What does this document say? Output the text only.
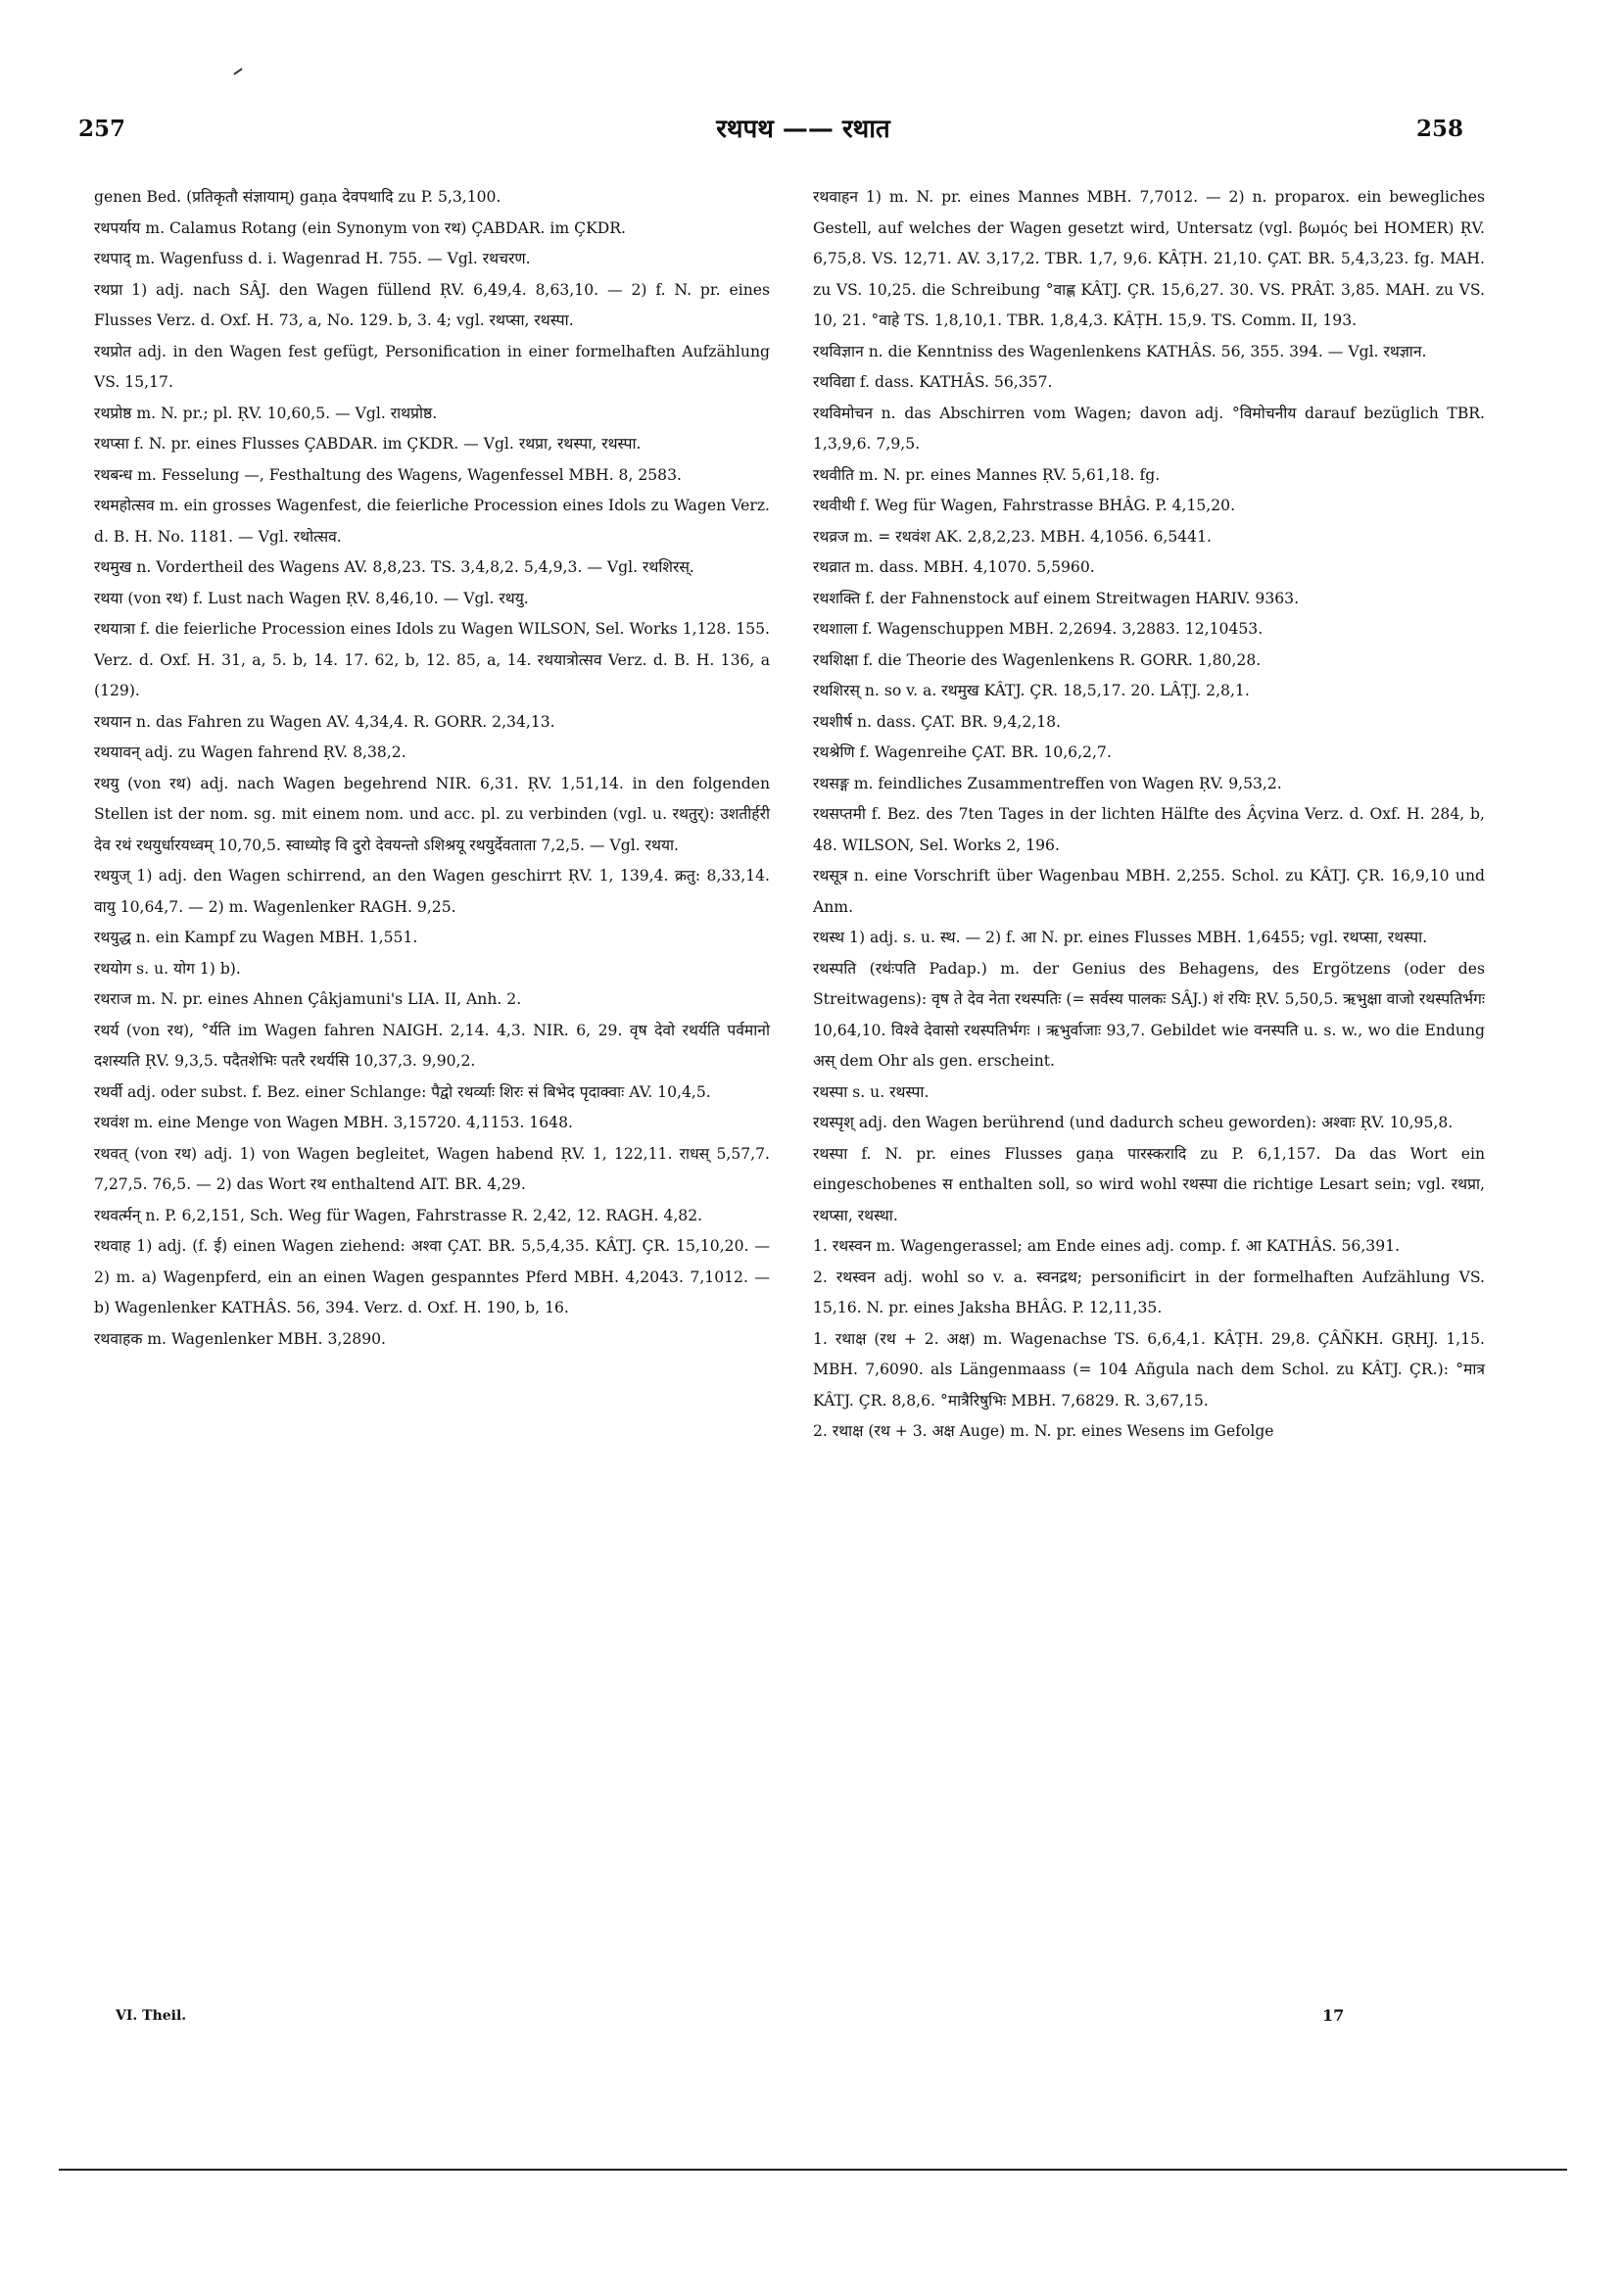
257	रथपथ —— रथात	258

genen Bed. (प्रतिकृतौ संज्ञायाम्) gaṇa देवपथादि zu P. 5,3,100.

रथपर्याय m. Calamus Rotang (ein Synonym von रथ) ÇABDAR. im ÇKDR.

रथपाद् m. Wagenfuss d. i. Wagenrad H. 755. — Vgl. रथचरण.

रथप्रा 1) adj. nach SÂJ. den Wagen füllend ṚV. 6,49,4. 8,63,10. — 2) f. N. pr. eines Flusses Verz. d. Oxf. H. 73, a, No. 129. b, 3. 4; vgl. रथप्सा, रथस्पा.

रथप्रोत adj. in den Wagen fest gefügt, Personification in einer formelhaften Aufzählung VS. 15,17.

रथप्रोष्ठ m. N. pr.; pl. ṚV. 10,60,5. — Vgl. राथप्रोष्ठ.

रथप्सा f. N. pr. eines Flusses ÇABDAR. im ÇKDR. — Vgl. रथप्रा, रथस्पा, रथस्पा.

रथबन्ध m. Fesselung —, Festhaltung des Wagens, Wagenfessel MBH. 8, 2583.

रथमहोत्सव m. ein grosses Wagenfest, die feierliche Procession eines Idols zu Wagen Verz. d. B. H. No. 1181. — Vgl. रथोत्सव.

रथमुख n. Vordertheil des Wagens AV. 8,8,23. TS. 3,4,8,2. 5,4,9,3. — Vgl. रथशिरस्.

रथया (von रथ) f. Lust nach Wagen ṚV. 8,46,10. — Vgl. रथयु.

रथयात्रा f. die feierliche Procession eines Idols zu Wagen WILSON, Sel. Works 1,128. 155. Verz. d. Oxf. H. 31, a, 5. b, 14. 17. 62, b, 12. 85, a, 14. रथयात्रोत्सव Verz. d. B. H. 136, a (129).

रथयान n. das Fahren zu Wagen AV. 4,34,4. R. GORR. 2,34,13.

रथयावन् adj. zu Wagen fahrend ṚV. 8,38,2.

रथयु (von रथ) adj. nach Wagen begehrend NIR. 6,31. ṚV. 1,51,14. in den folgenden Stellen ist der nom. sg. mit einem nom. und acc. pl. zu verbinden (vgl. u. रथतुर्): उशतीर्हरी देव रथं रथयुर्धारयध्वम् 10,70,5. स्वाध्योइ वि दुरो देवयन्तो ऽशिश्रयू रथयुर्देवताता 7,2,5. — Vgl. रथया.

रथयुज् 1) adj. den Wagen schirrend, an den Wagen geschirrt ṚV. 1, 139,4. क्रतु: 8,33,14. वायु 10,64,7. — 2) m. Wagenlenker RAGH. 9,25.

रथयुद्ध n. ein Kampf zu Wagen MBH. 1,551.

रथयोग s. u. योग 1) b).

रथराज m. N. pr. eines Ahnen Çâkjamuni's LIA. II, Anh. 2.

रथर्य (von रथ), °र्यति im Wagen fahren NAIGH. 2,14. 4,3. NIR. 6, 29. वृष देवो रथर्यति पर्वमानो दशस्यति ṚV. 9,3,5. पदैतशेभिः पतरै रथर्यसि 10,37,3. 9,90,2.

रथर्वी adj. oder subst. f. Bez. einer Schlange: पैद्वो रथर्व्याः शिरः सं बिभेद पृदाक्वाः AV. 10,4,5.

रथवंश m. eine Menge von Wagen MBH. 3,15720. 4,1153. 1648.

रथवत् (von रथ) adj. 1) von Wagen begleitet, Wagen habend ṚV. 1, 122,11. राधस् 5,57,7. 7,27,5. 76,5. — 2) das Wort रथ enthaltend AIT. BR. 4,29.

रथवर्त्मन् n. P. 6,2,151, Sch. Weg für Wagen, Fahrstrasse R. 2,42, 12. RAGH. 4,82.

रथवाह 1) adj. (f. ई) einen Wagen ziehend: अश्वा ÇAT. BR. 5,5,4,35. KÂTJ. ÇR. 15,10,20. — 2) m. a) Wagenpferd, ein an einen Wagen gespanntes Pferd MBH. 4,2043. 7,1012. — b) Wagenlenker KATHÂS. 56, 394. Verz. d. Oxf. H. 190, b, 16.

रथवाहक m. Wagenlenker MBH. 3,2890.

रथवाहन 1) m. N. pr. eines Mannes MBH. 7,7012. — 2) n. proparox. ein bewegliches Gestell, auf welches der Wagen gesetzt wird, Untersatz (vgl. βωμός bei HOMER) ṚV. 6,75,8. VS. 12,71. AV. 3,17,2. TBR. 1,7, 9,6. KÂṬH. 21,10. ÇAT. BR. 5,4,3,23. fg. MAH. zu VS. 10,25. die Schreibung °वाह्ण KÂTJ. ÇR. 15,6,27. 30. VS. PRÂT. 3,85. MAH. zu VS. 10, 21. °वाहे TS. 1,8,10,1. TBR. 1,8,4,3. KÂṬH. 15,9. TS. Comm. II, 193.

रथविज्ञान n. die Kenntniss des Wagenlenkens KATHÂS. 56, 355. 394. — Vgl. रथज्ञान.

रथविद्या f. dass. KATHÂS. 56,357.

रथविमोचन n. das Abschirren vom Wagen; davon adj. °विमोचनीय darauf bezüglich TBR. 1,3,9,6. 7,9,5.

रथवीति m. N. pr. eines Mannes ṚV. 5,61,18. fg.

रथवीथी f. Weg für Wagen, Fahrstrasse BHÂG. P. 4,15,20.

रथव्रज m. = रथवंश AK. 2,8,2,23. MBH. 4,1056. 6,5441.

रथव्रात m. dass. MBH. 4,1070. 5,5960.

रथशक्ति f. der Fahnenstock auf einem Streitwagen HARIV. 9363.

रथशाला f. Wagenschuppen MBH. 2,2694. 3,2883. 12,10453.

रथशिक्षा f. die Theorie des Wagenlenkens R. GORR. 1,80,28.

रथशिरस् n. so v. a. रथमुख KÂTJ. ÇR. 18,5,17. 20. LÂṬJ. 2,8,1.

रथशीर्ष n. dass. ÇAT. BR. 9,4,2,18.

रथश्रेणि f. Wagenreihe ÇAT. BR. 10,6,2,7.

रथसङ्ग m. feindliches Zusammentreffen von Wagen ṚV. 9,53,2.

रथसप्तमी f. Bez. des 7ten Tages in der lichten Hälfte des Âçvina Verz. d. Oxf. H. 284, b, 48. WILSON, Sel. Works 2, 196.

रथसूत्र n. eine Vorschrift über Wagenbau MBH. 2,255. Schol. zu KÂTJ. ÇR. 16,9,10 und Anm.

रथस्थ 1) adj. s. u. स्थ. — 2) f. आ N. pr. eines Flusses MBH. 1,6455; vgl. रथप्सा, रथस्पा.

रथस्पति (रथः॑पति Padap.) m. der Genius des Behagens, des Ergötzens (oder des Streitwagens): वृष ते देव नेता रथस्पतिः (= सर्वस्य पालकः SÂJ.) शं रयिः ṚV. 5,50,5. ऋभुक्षा वाजो रथस्पतिर्भगः 10,64,10. विश्वे देवासो रथस्पतिर्भगः । ऋभुर्वाजाः 93,7. Gebildet wie वनस्पति u. s. w., wo die Endung अस् dem Ohr als gen. erscheint.

रथस्पा s. u. रथस्पा.

रथस्पृश् adj. den Wagen berührend (und dadurch scheu geworden): अश्वाः ṚV. 10,95,8.

रथस्पा f. N. pr. eines Flusses gaṇa पारस्करादि zu P. 6,1,157. Da das Wort ein eingeschobenes स enthalten soll, so wird wohl रथस्पा die richtige Lesart sein; vgl. रथप्रा, रथप्सा, रथस्था.

1. रथस्वन m. Wagengerassel; am Ende eines adj. comp. f. आ KATHÂS. 56,391.

2. रथस्वन adj. wohl so v. a. स्वनद्रथ; personificirt in der formelhaften Aufzählung VS. 15,16. N. pr. eines Jaksha BHÂG. P. 12,11,35.

1. रथाक्ष (रथ + 2. अक्ष) m. Wagenachse TS. 6,6,4,1. KÂṬH. 29,8. ÇÂÑKH. GṚHJ. 1,15. MBH. 7,6090. als Längenmaass (= 104 Añgula nach dem Schol. zu KÂTJ. ÇR.): °मात्र KÂTJ. ÇR. 8,8,6. °मात्रैरिषुभिः MBH. 7,6829. R. 3,67,15.

2. रथाक्ष (रथ + 3. अक्ष Auge) m. N. pr. eines Wesens im Gefolge

VI. Theil.	17
